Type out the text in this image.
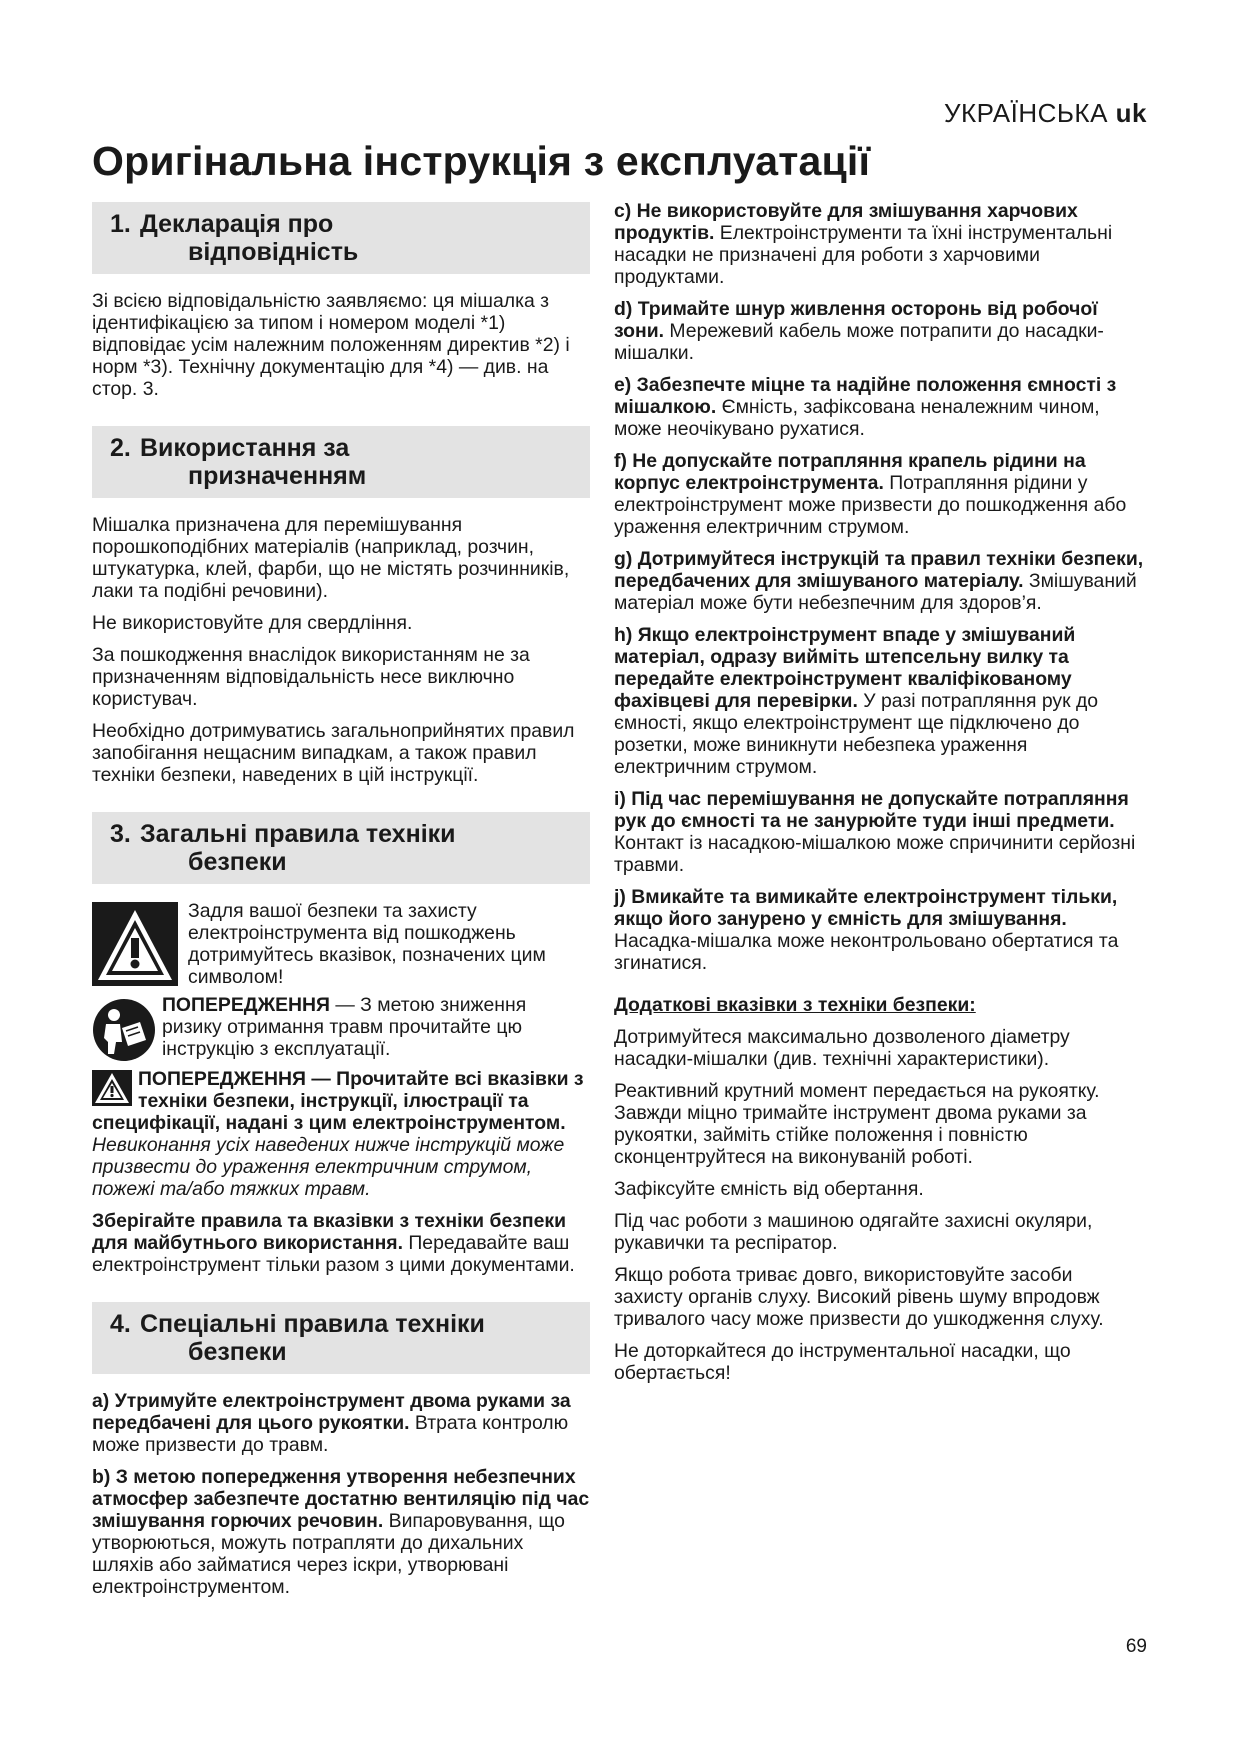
УКРАЇНСЬКА uk
Оригінальна інструкція з експлуатації
1. Декларація про
відповідність

Зі всією відповідальністю заявляємо: ця мішалка з ідентифікацією за типом і номером моделі *1) відповідає усім належним положенням директив *2) і норм *3). Технічну документацію для *4) — див. на стор. 3.

2. Використання за
призначенням

Мішалка призначена для перемішування порошкоподібних матеріалів (наприклад, розчин, штукатурка, клей, фарби, що не містять розчинників, лаки та подібні речовини).

Не використовуйте для свердління.

За пошкодження внаслідок використанням не за призначенням відповідальність несе виключно користувач.

Необхідно дотримуватись загальноприйнятих правил запобігання нещасним випадкам, а також правил техніки безпеки, наведених в цій інструкції.

3. Загальні правила техніки
безпеки
Задля вашої безпеки та захисту електроінструмента від пошкоджень дотримуйтесь вказівок, позначених цим символом!
ПОПЕРЕДЖЕННЯ — З метою зниження ризику отримання травм прочитайте цю інструкцію з експлуатації.

ПОПЕРЕДЖЕННЯ — Прочитайте всі вказівки з техніки безпеки, інструкції, ілюстрації та специфікації, надані з цим електроінструментом. Невиконання усіх наведених нижче інструкцій може призвести до ураження електричним струмом, пожежі та/або тяжких травм.

Зберігайте правила та вказівки з техніки безпеки для майбутнього використання. Передавайте ваш електроінструмент тільки разом з цими документами.

4. Спеціальні правила техніки
безпеки

a) Утримуйте електроінструмент двома руками за передбачені для цього рукоятки. Втрата контролю може призвести до травм.

b) З метою попередження утворення небезпечних атмосфер забезпечте достатню вентиляцію під час змішування горючих речовин. Випаровування, що утворюються, можуть потрапляти до дихальних шляхів або займатися через іскри, утворювані електроінструментом.

c) Не використовуйте для змішування харчових продуктів. Електроінструменти та їхні інструментальні насадки не призначені для роботи з харчовими продуктами.

d) Тримайте шнур живлення осторонь від робочої зони. Мережевий кабель може потрапити до насадки-мішалки.

e) Забезпечте міцне та надійне положення ємності з мішалкою. Ємність, зафіксована неналежним чином, може неочікувано рухатися.

f) Не допускайте потрапляння крапель рідини на корпус електроінструмента. Потрапляння рідини у електроінструмент може призвести до пошкодження або ураження електричним струмом.

g) Дотримуйтеся інструкцій та правил техніки безпеки, передбачених для змішуваного матеріалу. Змішуваний матеріал може бути небезпечним для здоров’я.

h) Якщо електроінструмент впаде у змішуваний матеріал, одразу вийміть штепсельну вилку та передайте електроінструмент кваліфікованому фахівцеві для перевірки. У разі потрапляння рук до ємності, якщо електроінструмент ще підключено до розетки, може виникнути небезпека ураження електричним струмом.

i) Під час перемішування не допускайте потрапляння рук до ємності та не занурюйте туди інші предмети. Контакт із насадкою-мішалкою може спричинити серйозні травми.

j) Вмикайте та вимикайте електроінструмент тільки, якщо його занурено у ємність для змішування. Насадка-мішалка може неконтрольовано обертатися та згинатися.

Додаткові вказівки з техніки безпеки:

Дотримуйтеся максимально дозволеного діаметру насадки-мішалки (див. технічні характеристики).

Реактивний крутний момент передається на рукоятку. Завжди міцно тримайте інструмент двома руками за рукоятки, займіть стійке положення і повністю сконцентруйтеся на виконуваній роботі.

Зафіксуйте ємність від обертання.

Під час роботи з машиною одягайте захисні окуляри, рукавички та респіратор.

Якщо робота триває довго, використовуйте засоби захисту органів слуху. Високий рівень шуму впродовж тривалого часу може призвести до ушкодження слуху.

Не доторкайтеся до інструментальної насадки, що обертається!

69
